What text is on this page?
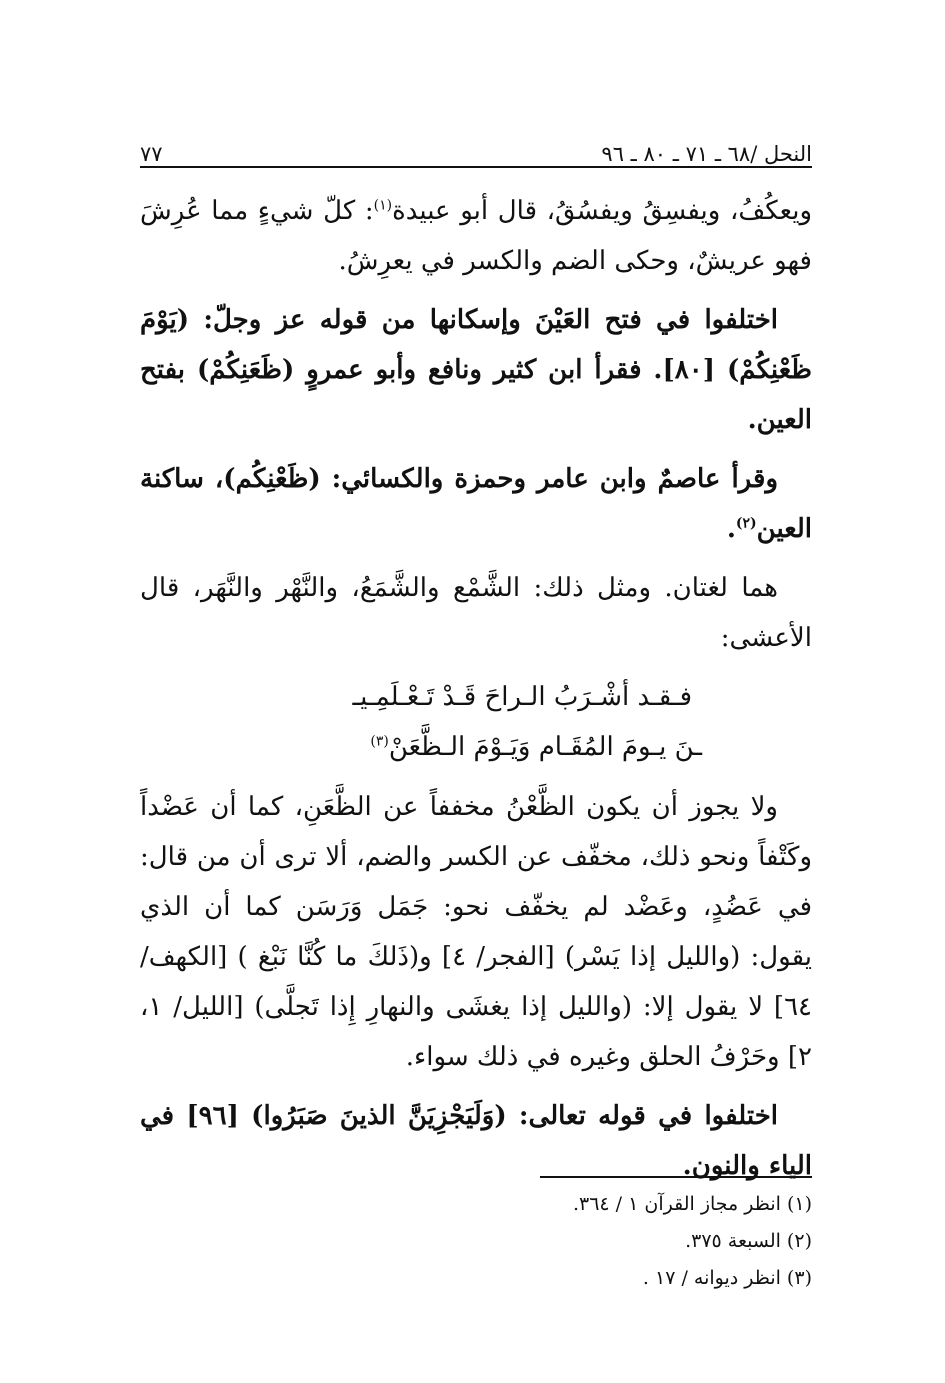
٧٧	النحل /٦٨ ـ ٧١ ـ ٨٠ ـ ٩٦

ويعكُفُ، ويفسِقُ ويفسُقُ، قال أبو عبيدة$^{(١)}$: كلّ شيءٍ مما عُرِشَ فهو عريشٌ، وحكى الضم والكسر في يعرِشُ.

اختلفوا في فتح العَيْنَ وإسكانها من قوله عز وجلّ: (يَوْمَ ظَعْنِكُمْ) [٨٠]. فقرأ ابن كثير ونافع وأبو عمروٍ (ظَعَنِكُمْ) بفتح العين.

وقرأ عاصمٌ وابن عامر وحمزة والكسائي: (ظَعْنِكُم)، ساكنة العين$^{(٢)}$.

هما لغتان. ومثل ذلك: الشَّمْع والشَّمَعُ، والنَّهْر والنَّهَر، قال الأعشى:

فـقـد أشْـرَبُ الـراحَ قَـدْ تَـعْـلَمِـيـ

ـنَ يـومَ المُقَـام وَيَـوْمَ الـظَّعَنْ$^{(٣)}$

ولا يجوز أن يكون الظَّعْنُ مخففاً عن الظَّعَنِ، كما أن عَضْداً وكَتْفاً ونحو ذلك، مخفّف عن الكسر والضم، ألا ترى أن من قال: في عَضُدٍ، وعَضْد لم يخفّف نحو: جَمَل وَرَسَن كما أن الذي يقول: (والليل إذا يَسْر) [الفجر/ ٤] و(ذَلكَ ما كُنَّا نَبْغ ) [الكهف/ ٦٤] لا يقول إلا: (والليل إذا يغشَى والنهارِ إِذا تَجلَّى) [الليل/ ١، ٢] وحَرْفُ الحلق وغيره في ذلك سواء.

اختلفوا في قوله تعالى: (وَلَيَجْزِيَنَّ الذينَ صَبَرُوا) [٩٦] في الياء والنون.

(١) انظر مجاز القرآن ١ / ٣٦٤.
(٢) السبعة ٣٧٥.
(٣) انظر ديوانه / ١٧ .
